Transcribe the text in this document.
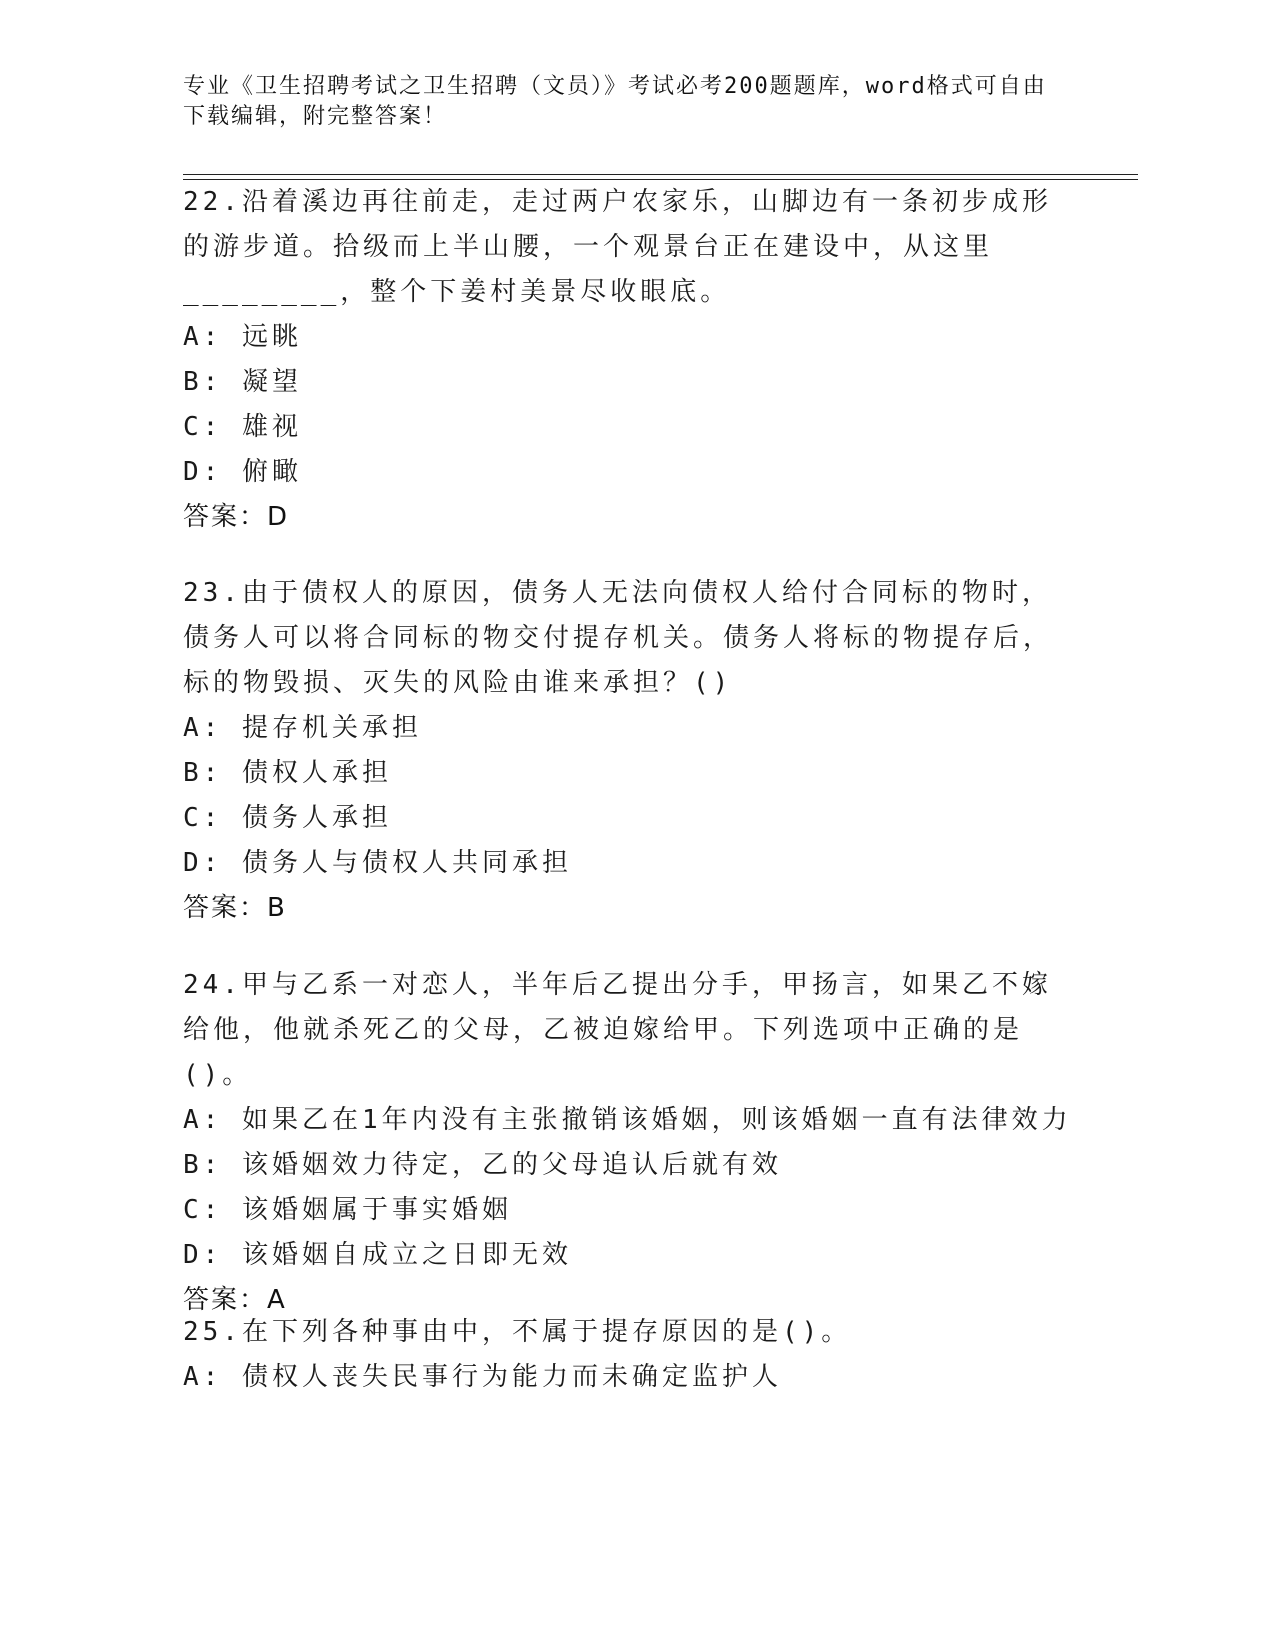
专业《卫生招聘考试之卫生招聘（文员）》考试必考200题题库，word格式可自由下载编辑，附完整答案！

22.沿着溪边再往前走，走过两户农家乐，山脚边有一条初步成形的游步道。拾级而上半山腰，一个观景台正在建设中，从这里________，整个下姜村美景尽收眼底。

A: 远眺
B: 凝望
C: 雄视
D: 俯瞰
答案：D

23.由于债权人的原因，债务人无法向债权人给付合同标的物时，债务人可以将合同标的物交付提存机关。债务人将标的物提存后，标的物毁损、灭失的风险由谁来承担？()

A: 提存机关承担
B: 债权人承担
C: 债务人承担
D: 债务人与债权人共同承担
答案：B

24.甲与乙系一对恋人，半年后乙提出分手，甲扬言，如果乙不嫁给他，他就杀死乙的父母，乙被迫嫁给甲。下列选项中正确的是()。

A: 如果乙在1年内没有主张撤销该婚姻，则该婚姻一直有法律效力
B: 该婚姻效力待定，乙的父母追认后就有效
C: 该婚姻属于事实婚姻
D: 该婚姻自成立之日即无效
答案：A

25.在下列各种事由中，不属于提存原因的是()。

A: 债权人丧失民事行为能力而未确定监护人
